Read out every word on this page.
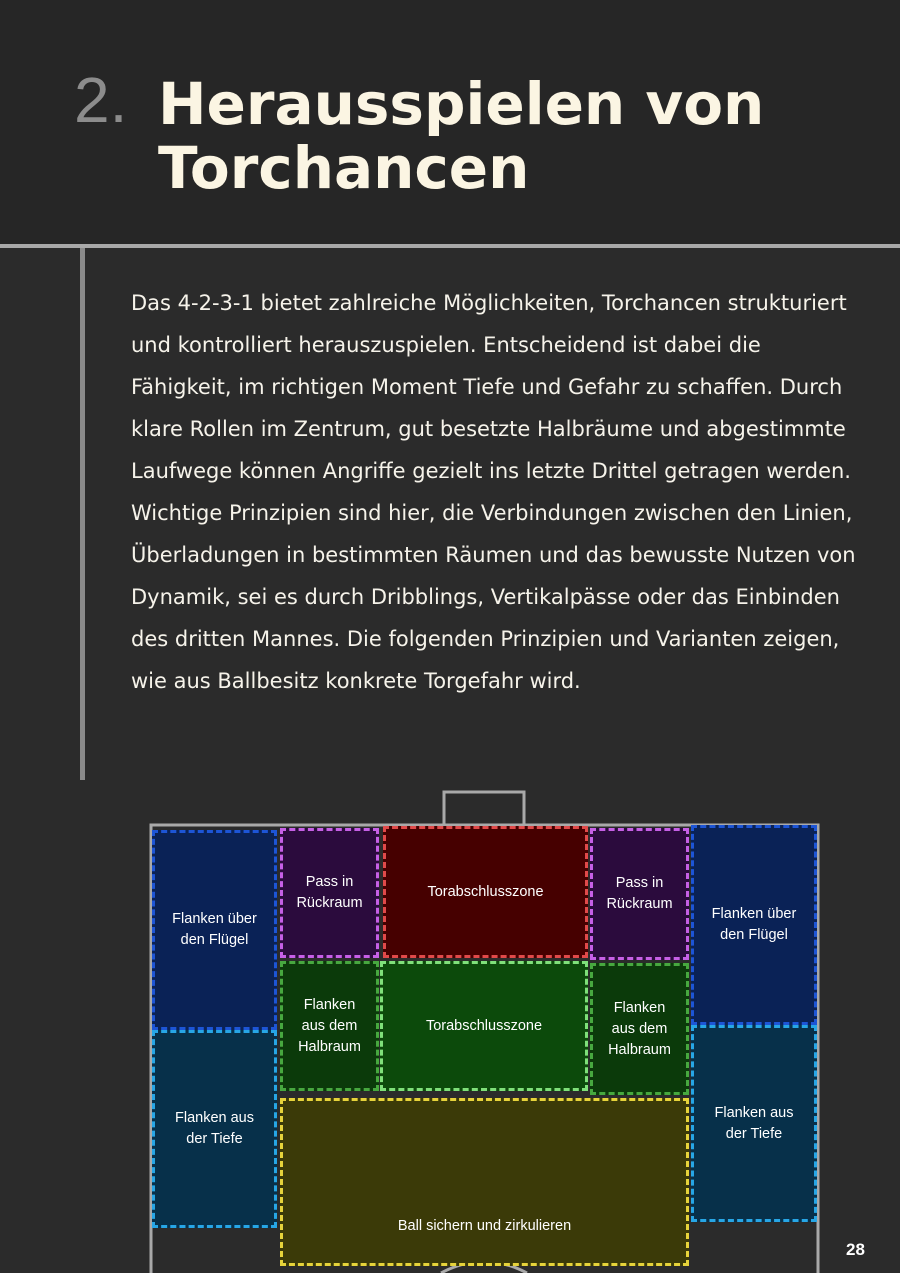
2. Herausspielen von Torchancen

Das 4-2-3-1 bietet zahlreiche Möglichkeiten, Torchancen strukturiert und kontrolliert herauszuspielen. Entscheidend ist dabei die Fähigkeit, im richtigen Moment Tiefe und Gefahr zu schaffen. Durch klare Rollen im Zentrum, gut besetzte Halbräume und abgestimmte Laufwege können Angriffe gezielt ins letzte Drittel getragen werden. Wichtige Prinzipien sind hier, die Verbindungen zwischen den Linien, Überladungen in bestimmten Räumen und das bewusste Nutzen von Dynamik, sei es durch Dribblings, Vertikalpässe oder das Einbinden des dritten Mannes. Die folgenden Prinzipien und Varianten zeigen, wie aus Ballbesitz konkrete Torgefahr wird.

Flanken über
den Flügel
Flanken aus
der Tiefe
Pass in
Rückraum
Torabschlusszone
Pass in
Rückraum
Flanken über
den Flügel
Flanken aus
der Tiefe
Flanken
aus dem
Halbraum
Torabschlusszone
Flanken
aus dem
Halbraum
Ball sichern und zirkulieren
28
